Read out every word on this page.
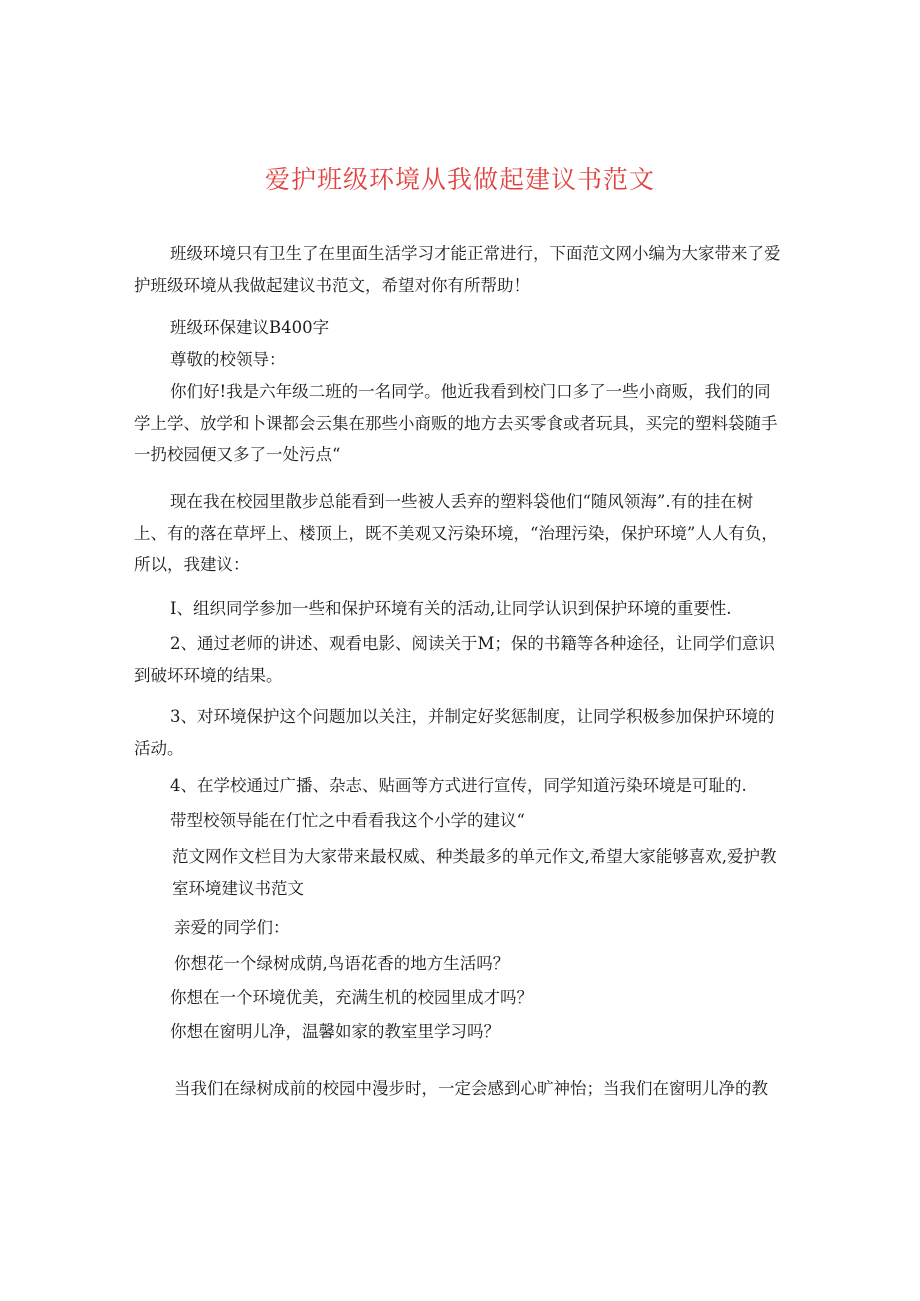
爱护班级环境从我做起建议书范文

班级环境只有卫生了在里面生活学习才能正常进行，下面范文网小编为大家带来了爱护班级环境从我做起建议书范文，希望对你有所帮助！

班级环保建议B400字
尊敬的校领导：

你们好!我是六年级二班的一名同学。他近我看到校门口多了一些小商贩，我们的同学上学、放学和卜课都会云集在那些小商贩的地方去买零食或者玩具，买完的塑料袋随手一扔校园便又多了一处污点“

现在我在校园里散步总能看到一些被人丢弃的塑料袋他们“随风领海”.有的挂在树上、有的落在草坪上、楼顶上，既不美观又污染环境，“治理污染，保护环境”人人有负，所以，我建议：

I、组织同学参加一些和保护环境有关的活动,让同学认识到保护环境的重要性.

2、通过老师的讲述、观看电影、阅读关于M；保的书籍等各种途径，让同学们意识到破坏环境的结果。

3、对环境保护这个问题加以关注，并制定好奖惩制度，让同学积极参加保护环境的活动。

4、在学校通过广播、杂志、贴画等方式进行宣传，同学知道污染环境是可耻的.

带型校领导能在仃忙之中看看我这个小学的建议“

范文网作文栏目为大家带来最权威、种类最多的单元作文,希望大家能够喜欢,爱护教室环境建议书范文

亲爱的同学们：
你想花一个绿树成荫,鸟语花香的地方生活吗？
你想在一个环境优美，充满生机的校园里成才吗？
你想在窗明儿净，温馨如家的教室里学习吗？
当我们在绿树成前的校园中漫步时，一定会感到心旷神怡；当我们在窗明儿净的教
